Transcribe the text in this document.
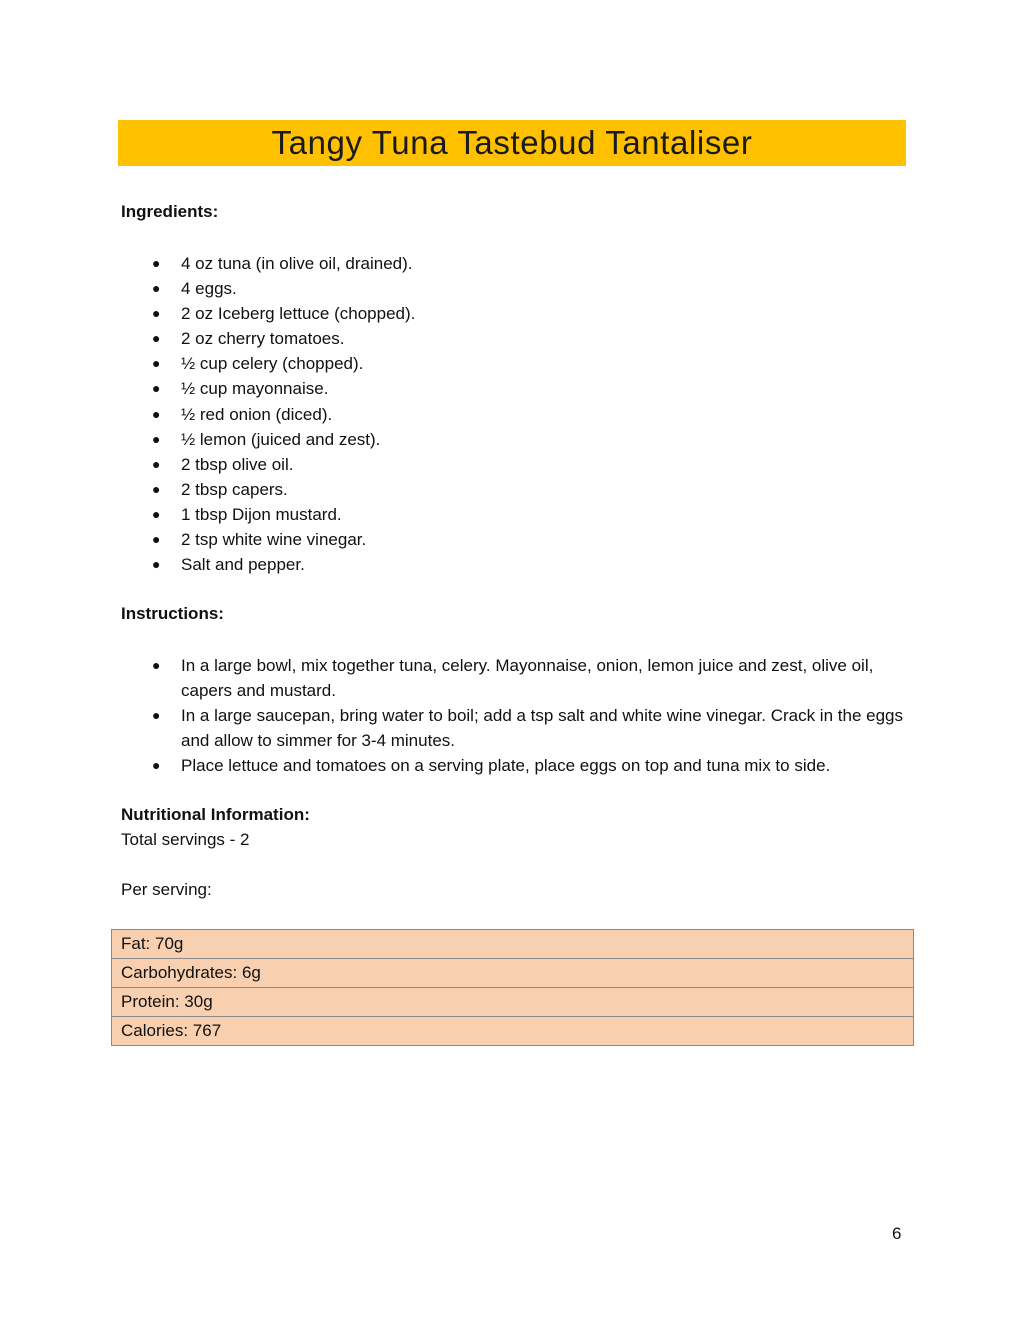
Tangy Tuna Tastebud Tantaliser

Ingredients:

● 4 oz tuna (in olive oil, drained).
● 4 eggs.
● 2 oz Iceberg lettuce (chopped).
● 2 oz cherry tomatoes.
● ½ cup celery (chopped).
● ½ cup mayonnaise.
● ½ red onion (diced).
● ½ lemon (juiced and zest).
● 2 tbsp olive oil.
● 2 tbsp capers.
● 1 tbsp Dijon mustard.
● 2 tsp white wine vinegar.
● Salt and pepper.

Instructions:

● In a large bowl, mix together tuna, celery. Mayonnaise, onion, lemon juice and zest, olive oil, capers and mustard.
● In a large saucepan, bring water to boil; add a tsp salt and white wine vinegar. Crack in the eggs and allow to simmer for 3-4 minutes.
● Place lettuce and tomatoes on a serving plate, place eggs on top and tuna mix to side.

Nutritional Information:

Total servings - 2

Per serving:

Fat: 70g
Carbohydrates: 6g
Protein: 30g
Calories: 767
6
